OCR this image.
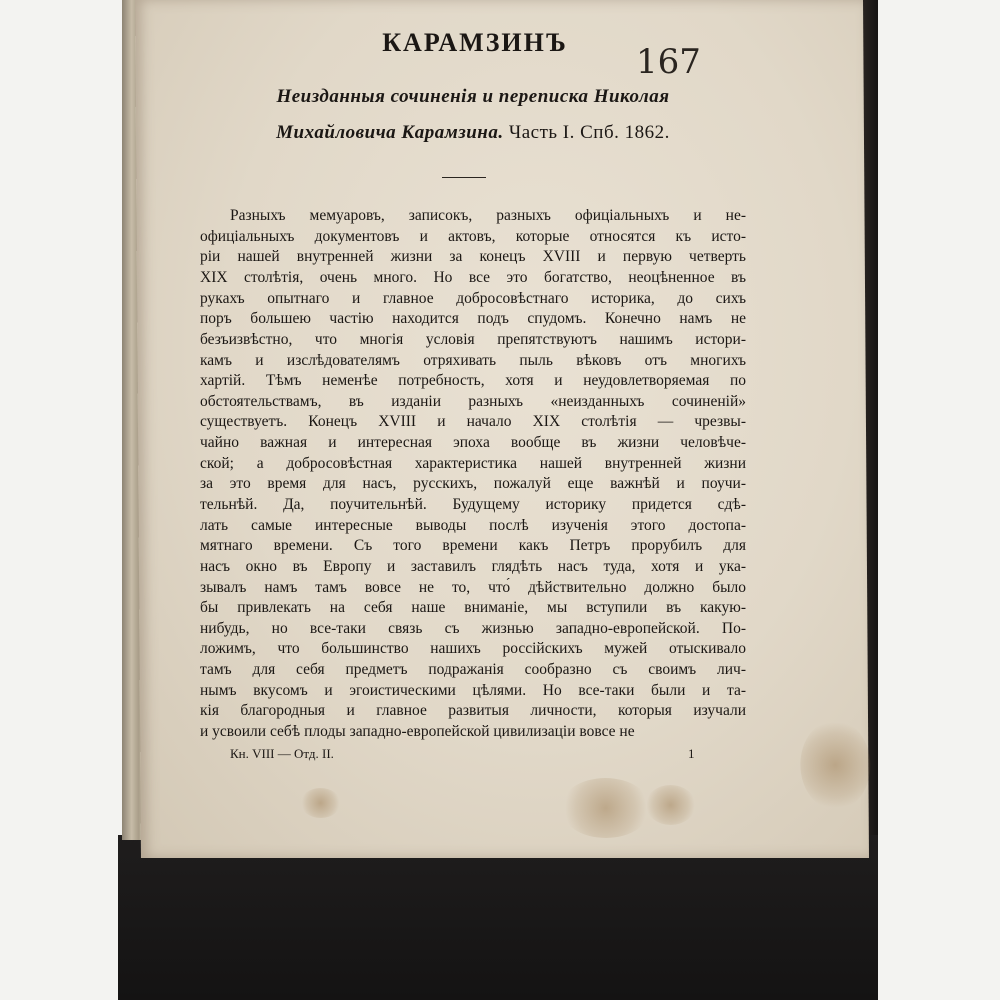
КАРАМЗИНЪ 167
Неизданныя сочиненія и переписка Николая
Михайловича Карамзина. Часть I. Спб. 1862.
Разныхъ мемуаровъ, записокъ, разныхъ офиціальныхъ и не-
офиціальныхъ документовъ и актовъ, которые относятся къ исто-
ріи нашей внутренней жизни за конецъ XVIII и первую четверть
XIX столѣтія, очень много. Но все это богатство, неоцѣненное въ
рукахъ опытнаго и главное добросовѣстнаго историка, до сихъ
поръ большею частію находится подъ спудомъ. Конечно намъ не
безъизвѣстно, что многія условія препятствуютъ нашимъ истори-
камъ и изслѣдователямъ отряхивать пыль вѣковъ отъ многихъ
хартій. Тѣмъ неменѣе потребность, хотя и неудовлетворяемая по
обстоятельствамъ, въ изданіи разныхъ «неизданныхъ сочиненій»
существуетъ. Конецъ XVIII и начало XIX столѣтія — чрезвы-
чайно важная и интересная эпоха вообще въ жизни человѣче-
ской; а добросовѣстная характеристика нашей внутренней жизни
за это время для насъ, русскихъ, пожалуй еще важнѣй и поучи-
тельнѣй. Да, поучительнѣй. Будущему историку придется сдѣ-
лать самые интересные выводы послѣ изученія этого достопа-
мятнаго времени. Съ того времени какъ Петръ прорубилъ для
насъ окно въ Европу и заставилъ глядѣть насъ туда, хотя и ука-
зывалъ намъ тамъ вовсе не то, что́ дѣйствительно должно было
бы привлекать на себя наше вниманіе, мы вступили въ какую-
нибудь, но все-таки связь съ жизнью западно-европейской. По-
ложимъ, что большинство нашихъ россійскихъ мужей отыскивало
тамъ для себя предметъ подражанія сообразно съ своимъ лич-
нымъ вкусомъ и эгоистическими цѣлями. Но все-таки были и та-
Кн. VIII — Отд. II.	1
кія благородныя и главное развитыя личности, которыя изучали
и усвоили себѣ плоды западно-европейской цивилизаціи вовсе не
